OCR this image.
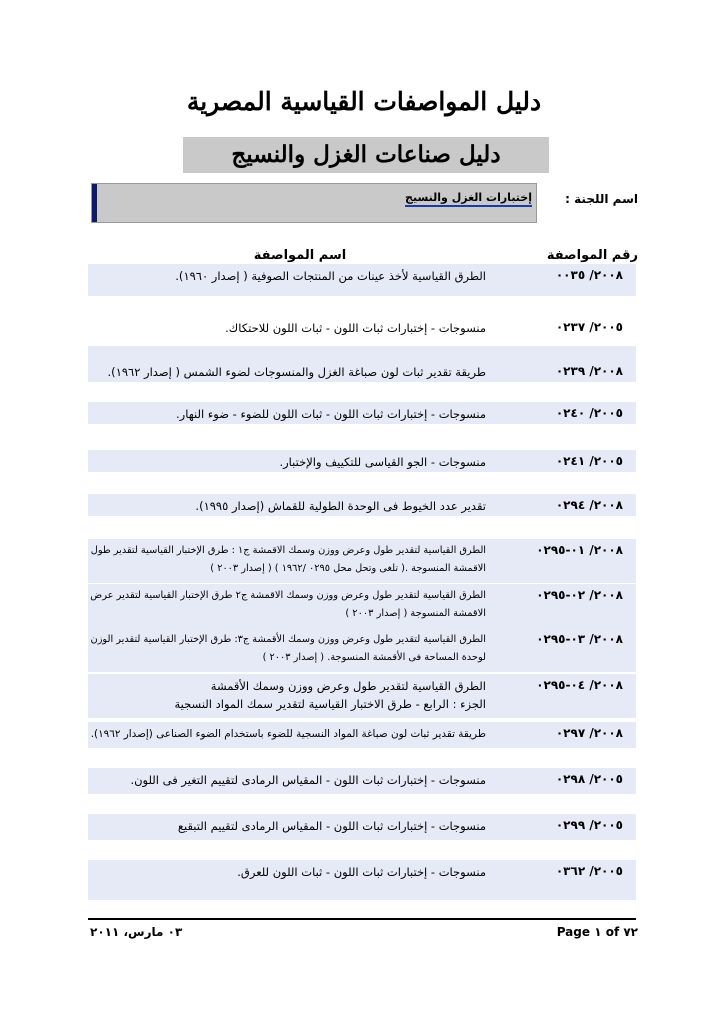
دليل المواصفات القياسية المصرية
دليل صناعات الغزل والنسيج
اسم اللجنة :
إختبارات الغزل والنسيج
رقم المواصفة
اسم المواصفة
٢٠٠٨/ ٠٠٣٥
الطرق القياسية لأخذ عينات من المنتجات الصوفية ( إصدار ١٩٦٠).
٢٠٠٥/ ٠٢٣٧
منسوجات - إختبارات ثبات اللون - ثبات اللون للاحتكاك.
٢٠٠٨/ ٠٢٣٩
طريقة تقدير ثبات لون صباغة الغزل والمنسوجات لضوء الشمس ( إصدار ١٩٦٢).
٢٠٠٥/ ٠٢٤٠
منسوجات - إختبارات ثبات اللون - ثبات اللون للضوء - ضوء النهار.
٢٠٠٥/ ٠٢٤١
منسوجات - الجو القياسى للتكييف والإختبار.
٢٠٠٨/ ٠٢٩٤
تقدير عدد الخيوط فى الوحدة الطولية للقماش (إصدار ١٩٩٥).
٢٠٠٨/ ٠١-٠٢٩٥
الطرق القياسية لتقدير طول وعرض ووزن وسمك الاقمشة ج١ : طرق الإختبار القياسية لتقدير طول
الاقمشة المنسوجة .( تلغى وتحل محل ٠٢٩٥ /١٩٦٢ ) ( إصدار ٢٠٠٣ )
٢٠٠٨/ ٠٢-٠٢٩٥
الطرق القياسية لتقدير طول وعرض ووزن وسمك الاقمشة ج٢ طرق الإختبار القياسية لتقدير عرض
الاقمشة المنسوجة ( إصدار ٢٠٠٣ )
٢٠٠٨/ ٠٣-٠٢٩٥
الطرق القياسية لتقدير طول وعرض ووزن وسمك الأقمشة ج٣: طرق الإختبار القياسية لتقدير الوزن
لوحدة المساحة فى الأقمشة المنسوجة. ( إصدار ٢٠٠٣ )
٢٠٠٨/ ٠٤-٠٢٩٥
الطرق القياسية لتقدير طول وعرض ووزن وسمك الأقمشة
الجزء : الرابع - طرق الاختبار القياسية لتقدير سمك المواد النسجية
٢٠٠٨/ ٠٢٩٧
طريقة تقدير ثبات لون صباغة المواد النسجية للضوء باستخدام الضوء الصناعى (إصدار ١٩٦٢).
٢٠٠٥/ ٠٢٩٨
منسوجات - إختبارات ثبات اللون - المقياس الرمادى لتقييم التغير فى اللون.
٢٠٠٥/ ٠٢٩٩
منسوجات - إختبارات ثبات اللون - المقياس الرمادى لتقييم التبقيع
٢٠٠٥/ ٠٣٦٢
منسوجات - إختبارات ثبات اللون - ثبات اللون للعرق.
٠٣ مارس، ٢٠١١	Page ١ of ٧٢
